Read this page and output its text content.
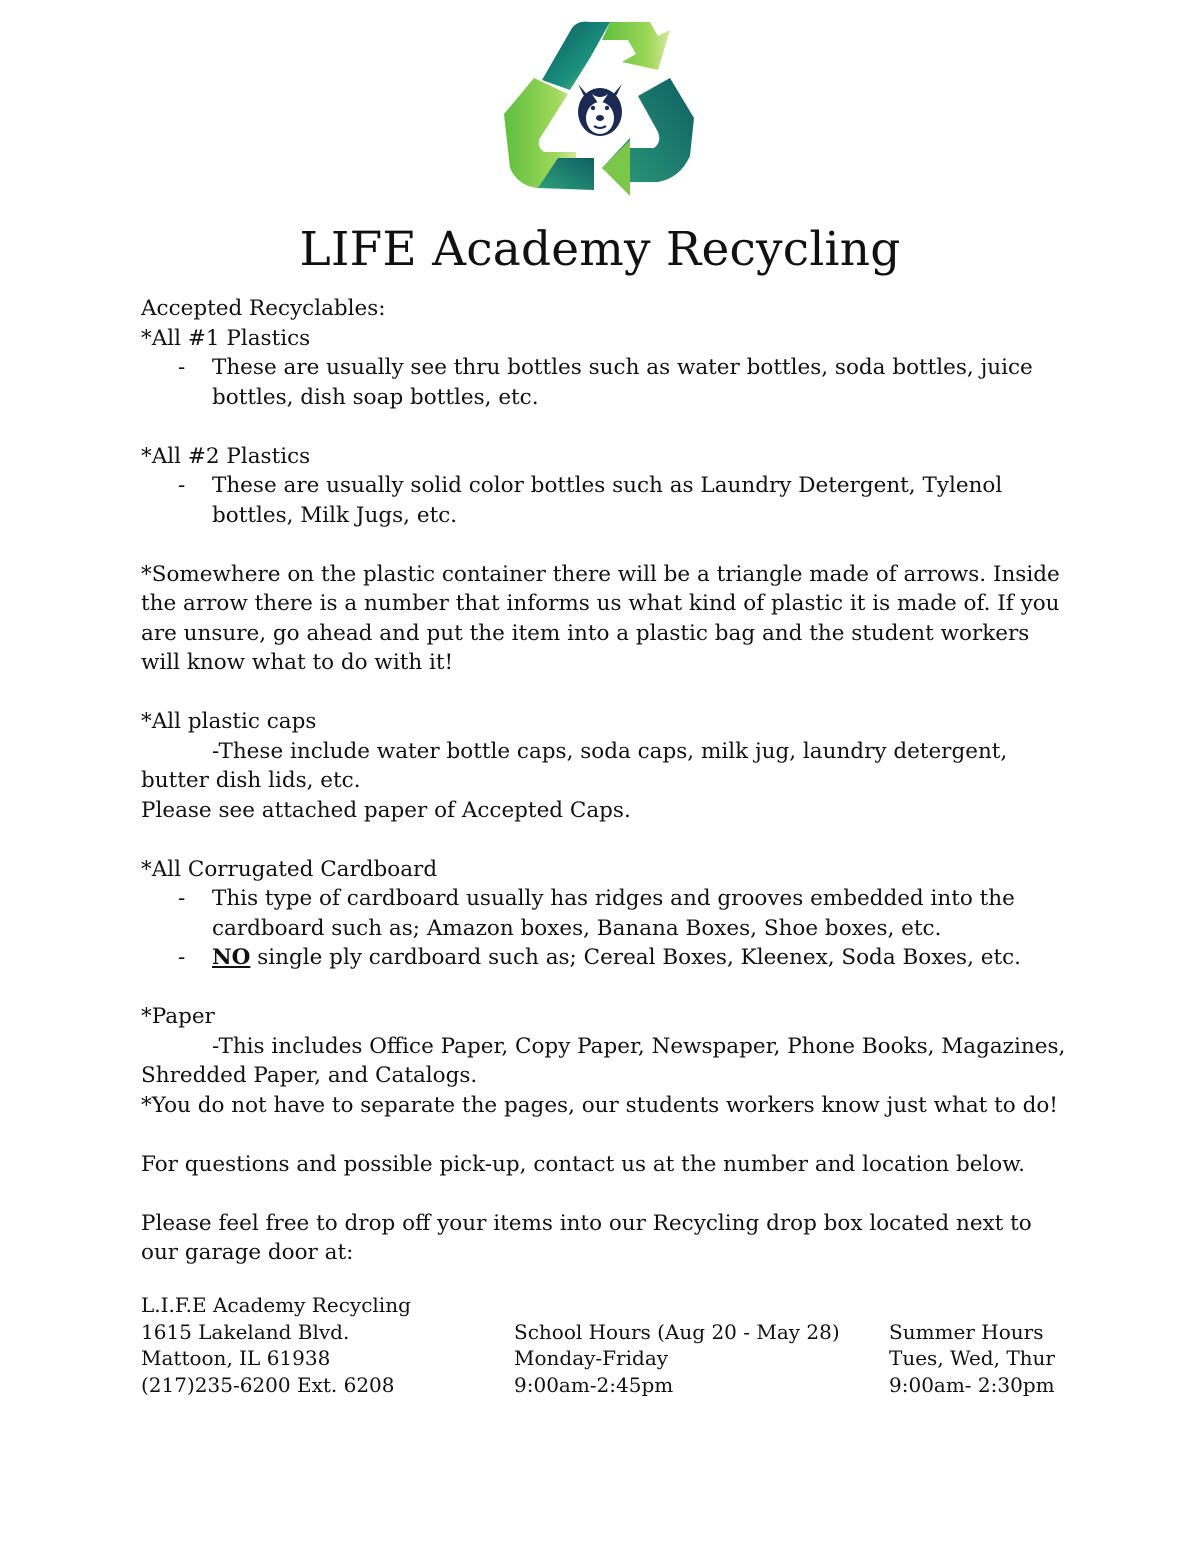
LIFE Academy Recycling

Accepted Recyclables:

*All #1 Plastics

- These are usually see thru bottles such as water bottles, soda bottles, juice bottles, dish soap bottles, etc.

*All #2 Plastics

- These are usually solid color bottles such as Laundry Detergent, Tylenol bottles, Milk Jugs, etc.

*Somewhere on the plastic container there will be a triangle made of arrows. Inside the arrow there is a number that informs us what kind of plastic it is made of. If you are unsure, go ahead and put the item into a plastic bag and the student workers will know what to do with it!

*All plastic caps

-These include water bottle caps, soda caps, milk jug, laundry detergent, butter dish lids, etc.

Please see attached paper of Accepted Caps.

*All Corrugated Cardboard

- This type of cardboard usually has ridges and grooves embedded into the cardboard such as; Amazon boxes, Banana Boxes, Shoe boxes, etc.

- NO single ply cardboard such as; Cereal Boxes, Kleenex, Soda Boxes, etc.

*Paper

-This includes Office Paper, Copy Paper, Newspaper, Phone Books, Magazines, Shredded Paper, and Catalogs.

*You do not have to separate the pages, our students workers know just what to do!

For questions and possible pick-up, contact us at the number and location below.

Please feel free to drop off your items into our Recycling drop box located next to our garage door at:

L.I.F.E Academy Recycling

1615 Lakeland Blvd.

Mattoon, IL 61938

(217)235-6200 Ext. 6208

School Hours (Aug 20 - May 28)

Monday-Friday

9:00am-2:45pm

Summer Hours

Tues, Wed, Thur

9:00am- 2:30pm
